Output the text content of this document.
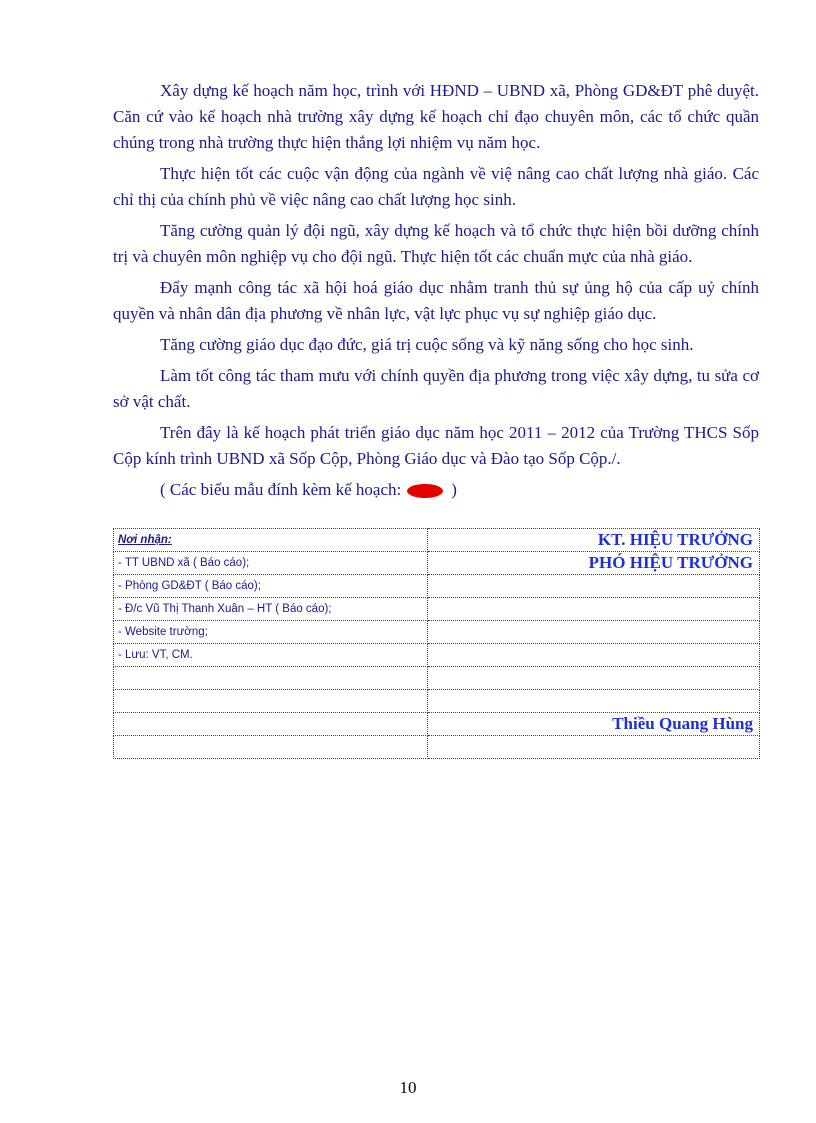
Xây dựng kế hoạch năm học, trình với HĐND – UBND xã, Phòng GD&ĐT phê duyệt. Căn cứ vào kế hoạch nhà trường xây dựng kế hoạch chỉ đạo chuyên môn, các tổ chức quần chúng trong nhà trường thực hiện thắng lợi nhiệm vụ năm học.

Thực hiện tốt các cuộc vận động của ngành về việ nâng cao chất lượng nhà giáo. Các chỉ thị của chính phủ về việc nâng cao chất lượng học sinh.

Tăng cường quản lý đội ngũ, xây dựng kế hoạch và tổ chức thực hiện bồi dưỡng chính trị và chuyên môn nghiệp vụ cho đội ngũ. Thực hiện tốt các chuẩn mực của nhà giáo.

Đẩy mạnh công tác xã hội hoá giáo dục nhằm tranh thủ sự ủng hộ của cấp uỷ chính quyền và nhân dân địa phương về nhân lực, vật lực phục vụ sự nghiệp giáo dục.

Tăng cường giáo dục đạo đức, giá trị cuộc sống và kỹ năng sống cho học sinh.

Làm tốt công tác tham mưu với chính quyền địa phương trong việc xây dựng, tu sửa cơ sở vật chất.

Trên đây là kế hoạch phát triển giáo dục năm học 2011 – 2012 của Trường THCS Sốp Cộp kính trình UBND xã Sốp Cộp, Phòng Giáo dục và Đào tạo Sốp Cộp./.

( Các biểu mẫu đính kèm kế hoạch:	)
Nơi nhận:	KT. HIỆU TRƯỞNG
- TT UBND xã ( Báo cáo);	PHÓ HIỆU TRƯỞNG
- Phòng GD&ĐT ( Báo cáo);	
- Đ/c Vũ Thị Thanh Xuân – HT ( Báo cáo);	
- Website trường;	
- Lưu: VT, CM.	

	Thiều Quang Hùng

10
